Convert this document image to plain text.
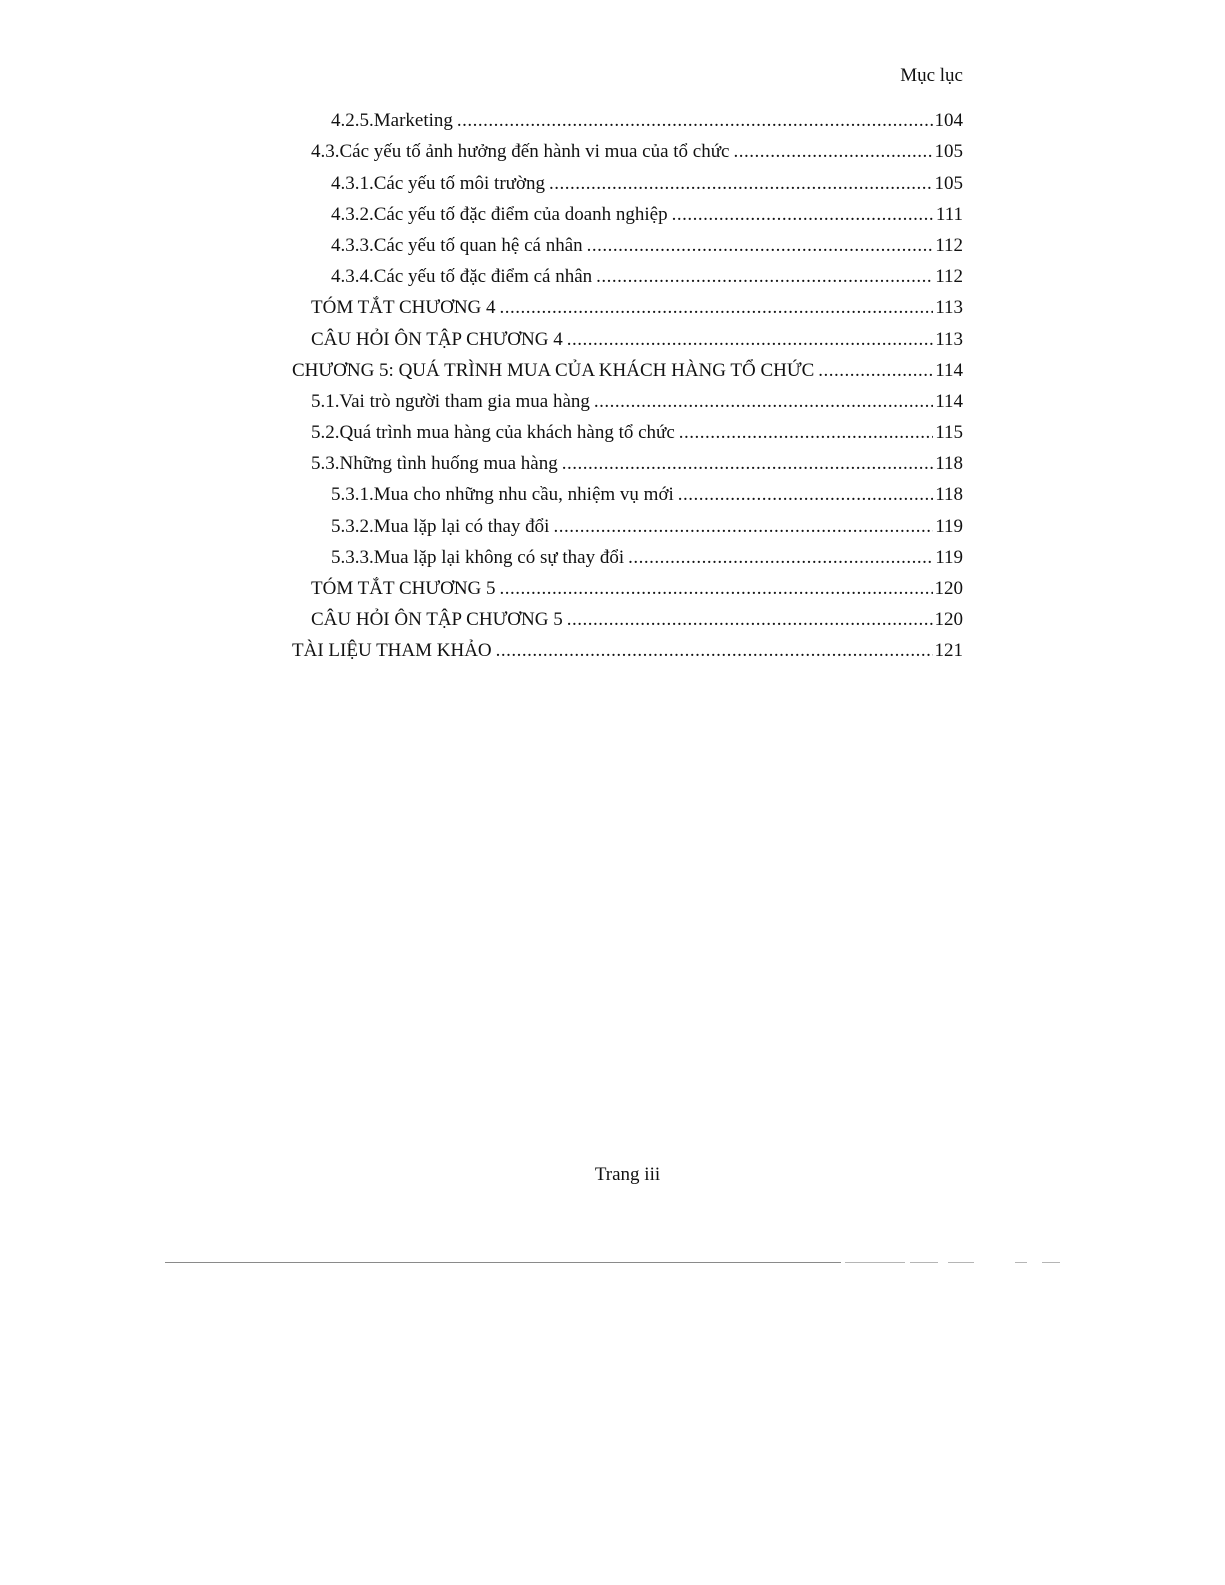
Mục lục
4.2.5. Marketing .....	104
4.3. Các yếu tố ảnh hưởng đến hành vi mua của tổ chức .....	105
4.3.1. Các yếu tố môi trường .....	105
4.3.2. Các yếu tố đặc điểm của doanh nghiệp .....	111
4.3.3. Các yếu tố quan hệ cá nhân .....	112
4.3.4. Các yếu tố đặc điểm cá nhân .....	112
TÓM TẮT CHƯƠNG 4 .....	113
CÂU HỎI ÔN TẬP CHƯƠNG 4 .....	113
CHƯƠNG 5: QUÁ TRÌNH MUA CỦA KHÁCH HÀNG TỔ CHỨC .....	114
5.1. Vai trò người tham gia mua hàng .....	114
5.2. Quá trình mua hàng của khách hàng tổ chức .....	115
5.3. Những tình huống mua hàng .....	118
5.3.1. Mua cho những nhu cầu, nhiệm vụ mới .....	118
5.3.2. Mua lặp lại có thay đổi .....	119
5.3.3. Mua lặp lại không có sự thay đổi .....	119
TÓM TẮT CHƯƠNG 5 .....	120
CÂU HỎI ÔN TẬP CHƯƠNG 5 .....	120
TÀI LIỆU THAM KHẢO .....	121
Trang iii
